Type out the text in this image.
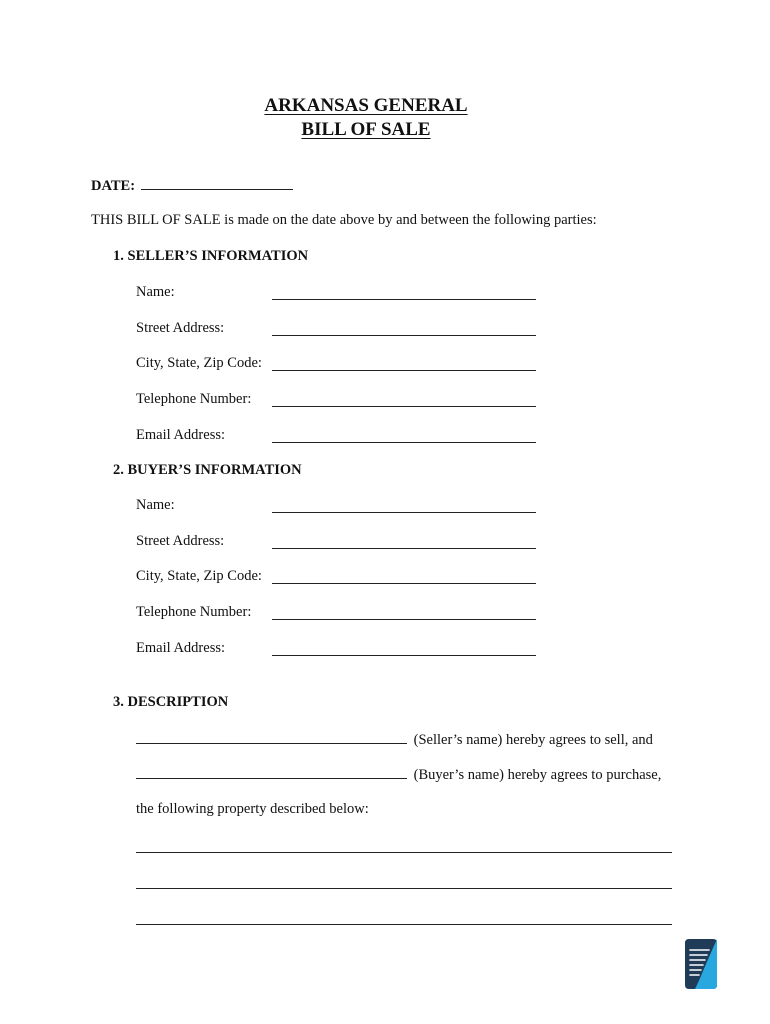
ARKANSAS GENERAL
BILL OF SALE
DATE:
THIS BILL OF SALE is made on the date above by and between the following parties:
1. SELLER’S INFORMATION
Name:
Street Address:
City, State, Zip Code:
Telephone Number:
Email Address:
2. BUYER’S INFORMATION
Name:
Street Address:
City, State, Zip Code:
Telephone Number:
Email Address:
3. DESCRIPTION
(Seller’s name) hereby agrees to sell, and
(Buyer’s name) hereby agrees to purchase,
the following property described below:
